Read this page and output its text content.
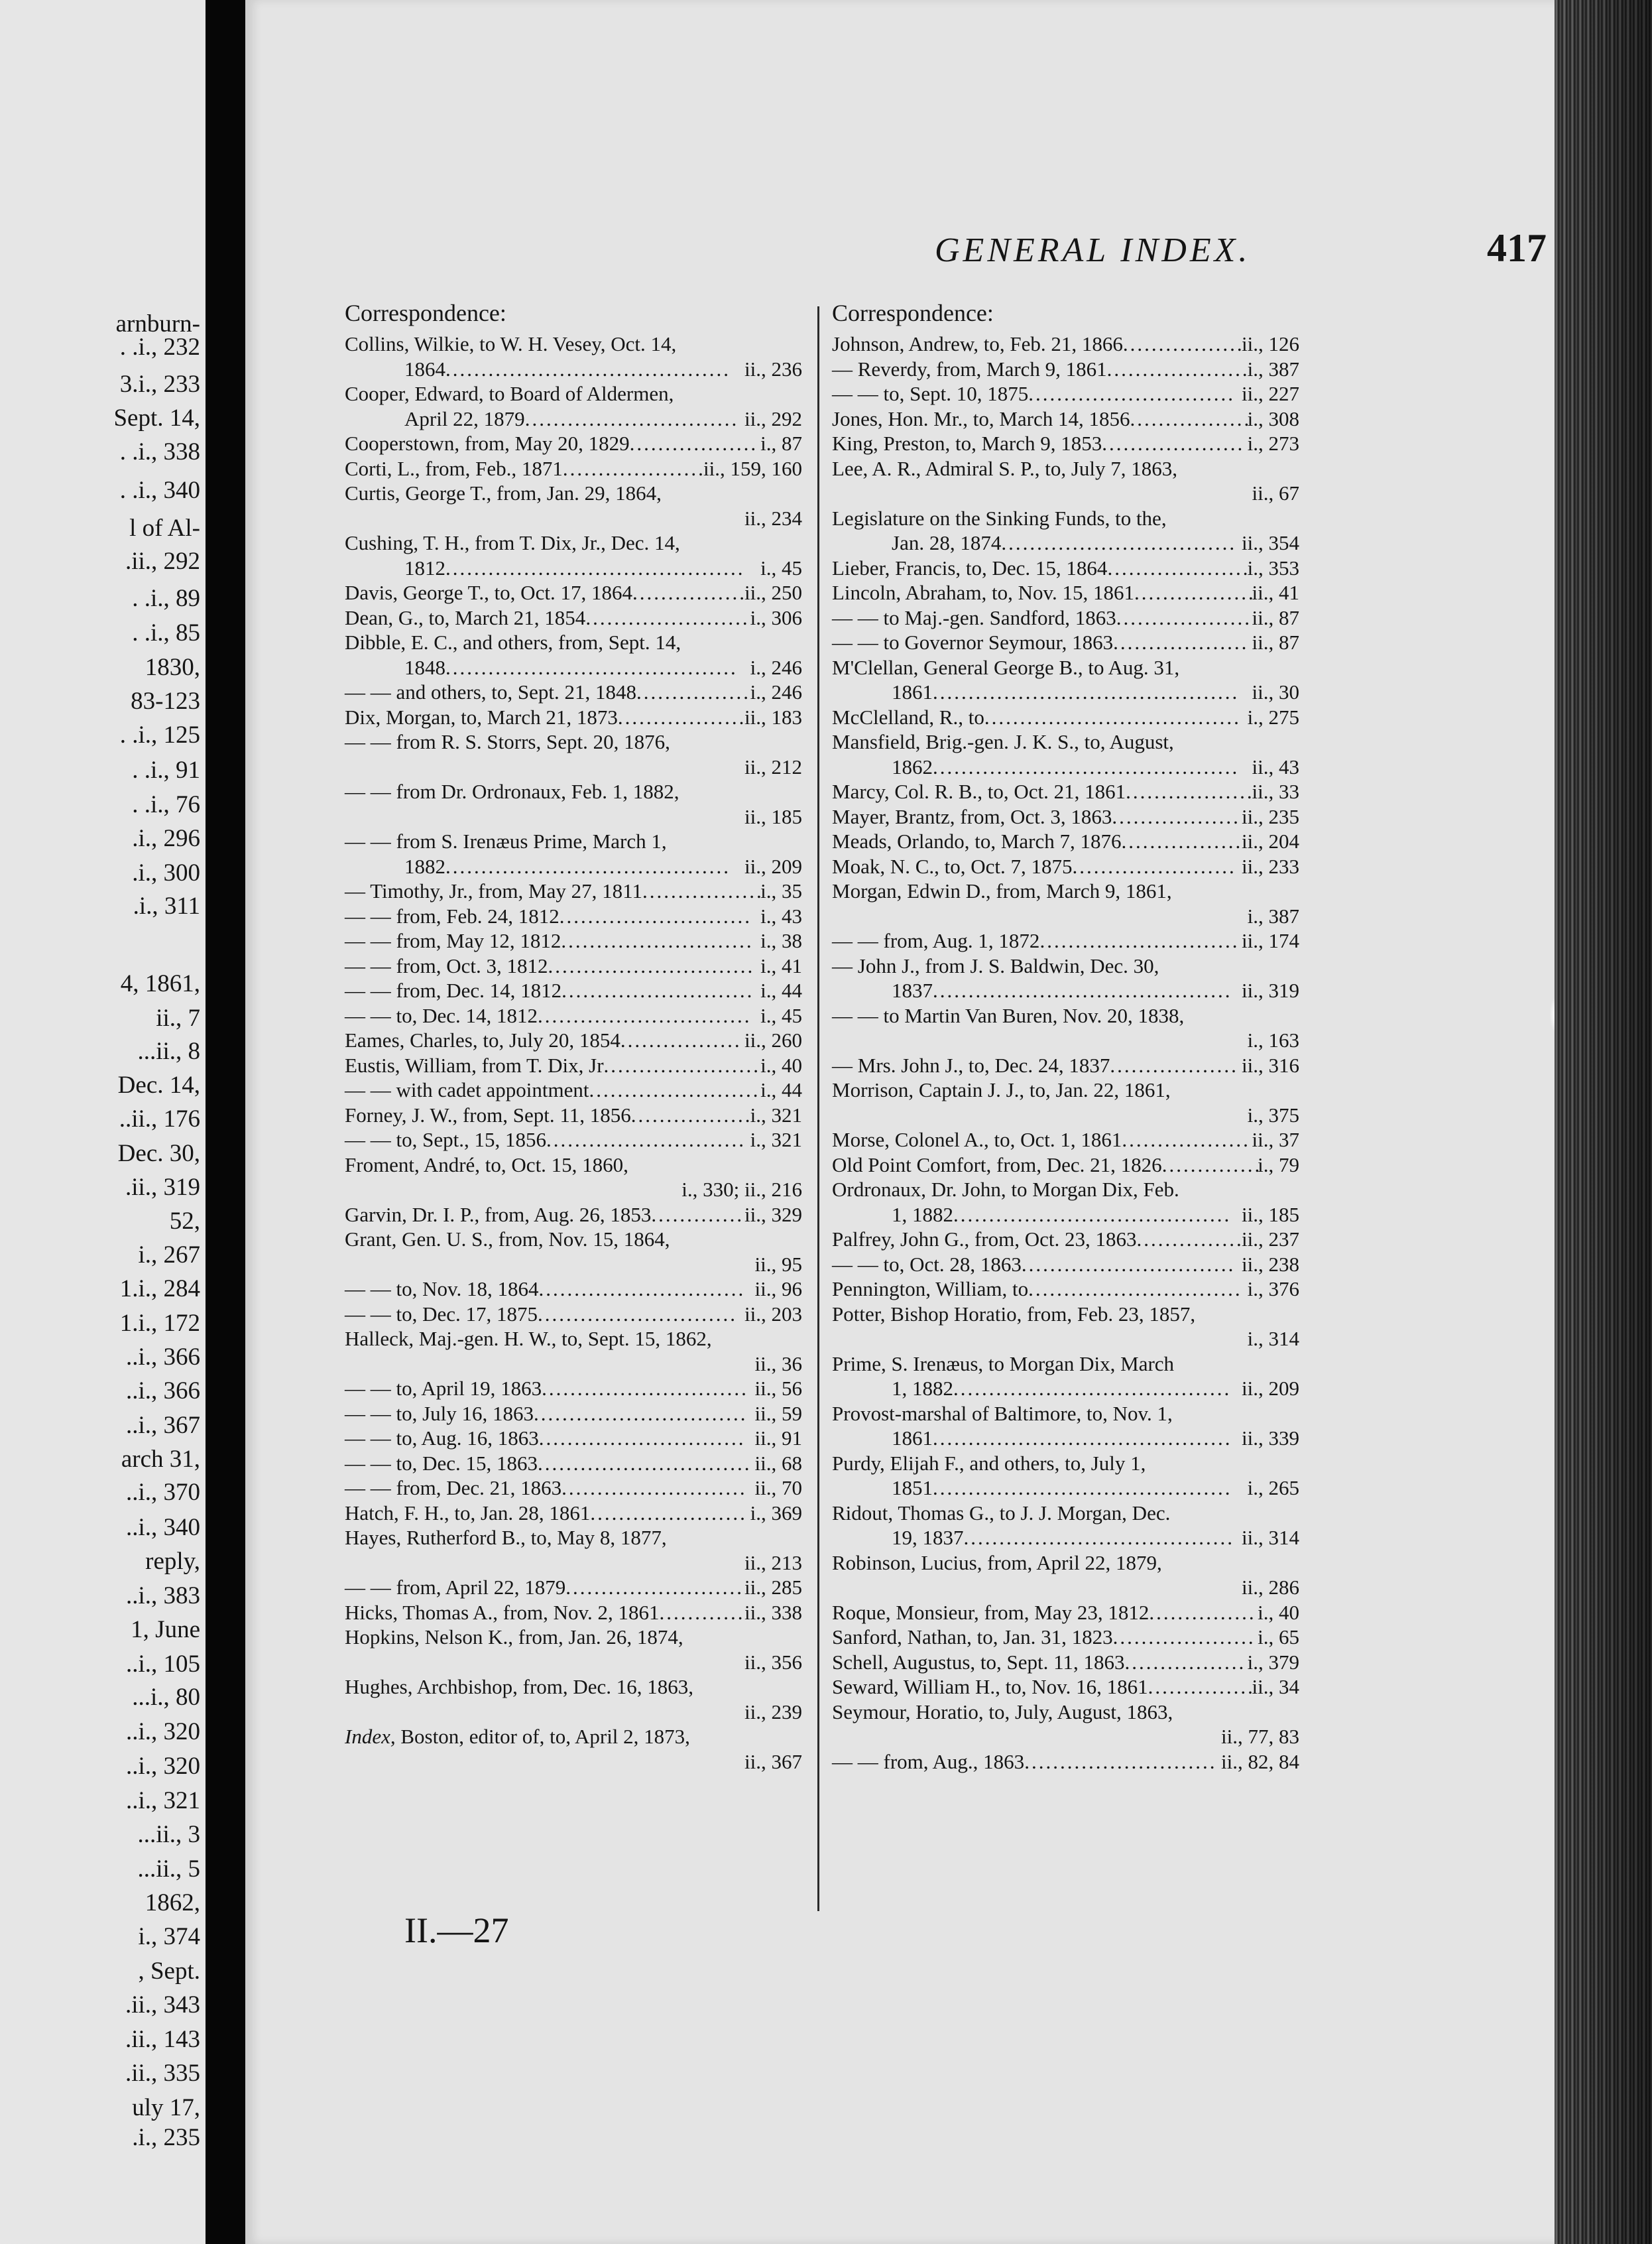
arnburn-
. .i., 232
3.i., 233
Sept. 14,
. .i., 338
. .i., 340
l of Al-
.ii., 292
. .i., 89
. .i., 85
1830,
83-123
. .i., 125
. .i., 91
. .i., 76
.i., 296
.i., 300
.i., 311
4, 1861,
ii., 7
...ii., 8
Dec. 14,
..ii., 176
Dec. 30,
.ii., 319
52,
i., 267
1.i., 284
1.i., 172
..i., 366
..i., 366
..i., 367
arch 31,
..i., 370
..i., 340
reply,
..i., 383
1, June
..i., 105
...i., 80
..i., 320
..i., 320
..i., 321
...ii., 3
...ii., 5
1862,
i., 374
, Sept.
.ii., 343
.ii., 143
.ii., 335
uly 17,
.i., 235
GENERAL INDEX.	417
Correspondence:
Collins, Wilkie, to W. H. Vesey, Oct. 14,
1864........................................ ii., 236
Cooper, Edward, to Board of Aldermen,
April 22, 1879.............................. ii., 292
Cooperstown, from, May 20, 1829.................. i., 87
Corti, L., from, Feb., 1871....................
ii., 159, 160
Curtis, George T., from, Jan. 29, 1864,
ii., 234
Cushing, T. H., from T. Dix, Jr., Dec. 14,
1812.......................................... i., 45
Davis, George T., to, Oct. 17, 1864................
ii., 250
Dean, G., to, March 21, 1854....................... i., 306
Dibble, E. C., and others, from, Sept. 14,
1848......................................... i., 246
— — and others, to, Sept. 21, 1848................ i., 246
Dix, Morgan, to, March 21, 1873..................
ii., 183
— — from R. S. Storrs, Sept. 20, 1876,
ii., 212
— — from Dr. Ordronaux, Feb. 1, 1882,
ii., 185
— — from S. Irenæus Prime, March 1,
1882........................................ ii., 209
— Timothy, Jr., from, May 27, 1811.................
i., 35
— — from, Feb. 24, 1812........................... i., 43
— — from, May 12, 1812........................... i., 38
— — from, Oct. 3, 1812............................. i., 41
— — from, Dec. 14, 1812........................... i., 44
— — to, Dec. 14, 1812.............................. i., 45
Eames, Charles, to, July 20, 1854................. ii., 260
Eustis, William, from T. Dix, Jr...................... i., 40
— — with cadet appointment........................ i., 44
Forney, J. W., from, Sept. 11, 1856.................
i., 321
— — to, Sept., 15, 1856............................ i., 321
Froment, André, to, Oct. 15, 1860,
i., 330; ii., 216
Garvin, Dr. I. P., from, Aug. 26, 1853............. ii., 329
Grant, Gen. U. S., from, Nov. 15, 1864,
ii., 95
— — to, Nov. 18, 1864............................. ii., 96
— — to, Dec. 17, 1875............................ ii., 203
Halleck, Maj.-gen. H. W., to, Sept. 15, 1862,
ii., 36
— — to, April 19, 1863............................. ii., 56
— — to, July 16, 1863.............................. ii., 59
— — to, Aug. 16, 1863............................. ii., 91
— — to, Dec. 15, 1863.............................. ii., 68
— — from, Dec. 21, 1863.......................... ii., 70
Hatch, F. H., to, Jan. 28, 1861...................... i., 369
Hayes, Rutherford B., to, May 8, 1877,
ii., 213
— — from, April 22, 1879......................... ii., 285
Hicks, Thomas A., from, Nov. 2, 1861............ ii., 338
Hopkins, Nelson K., from, Jan. 26, 1874,
ii., 356
Hughes, Archbishop, from, Dec. 16, 1863,
ii., 239
Index, Boston, editor of, to, April 2, 1873,
ii., 367
Correspondence:
Johnson, Andrew, to, Feb. 21, 1866.................
ii., 126
— Reverdy, from, March 9, 1861....................
i., 387
— — to, Sept. 10, 1875............................. ii., 227
Jones, Hon. Mr., to, March 14, 1856.................
i., 308
King, Preston, to, March 9, 1853.................... i., 273
Lee, A. R., Admiral S. P., to, July 7, 1863,
ii., 67
Legislature on the Sinking Funds, to the,
Jan. 28, 1874................................. ii., 354
Lieber, Francis, to, Dec. 15, 1864....................
i., 353
Lincoln, Abraham, to, Nov. 15, 1861.................
ii., 41
— — to Maj.-gen. Sandford, 1863................... ii., 87
— — to Governor Seymour, 1863................... ii., 87
M'Clellan, General George B., to Aug. 31,
1861........................................... ii., 30
McClelland, R., to.................................... i., 275
Mansfield, Brig.-gen. J. K. S., to, August,
1862........................................... ii., 43
Marcy, Col. R. B., to, Oct. 21, 1861..................
ii., 33
Mayer, Brantz, from, Oct. 3, 1863.................. ii., 235
Meads, Orlando, to, March 7, 1876.................
ii., 204
Moak, N. C., to, Oct. 7, 1875....................... ii., 233
Morgan, Edwin D., from, March 9, 1861,
i., 387
— — from, Aug. 1, 1872............................ ii., 174
— John J., from J. S. Baldwin, Dec. 30,
1837.......................................... ii., 319
— — to Martin Van Buren, Nov. 20, 1838,
i., 163
— Mrs. John J., to, Dec. 24, 1837.................. ii., 316
Morrison, Captain J. J., to, Jan. 22, 1861,
i., 375
Morse, Colonel A., to, Oct. 1, 1861.................. ii., 37
Old Point Comfort, from, Dec. 21, 1826..............
i., 79
Ordronaux, Dr. John, to Morgan Dix, Feb.
1, 1882....................................... ii., 185
Palfrey, John G., from, Oct. 23, 1863...............
ii., 237
— — to, Oct. 28, 1863.............................. ii., 238
Pennington, William, to.............................. i., 376
Potter, Bishop Horatio, from, Feb. 23, 1857,
i., 314
Prime, S. Irenæus, to Morgan Dix, March
1, 1882....................................... ii., 209
Provost-marshal of Baltimore, to, Nov. 1,
1861.......................................... ii., 339
Purdy, Elijah F., and others, to, July 1,
1851.......................................... i., 265
Ridout, Thomas G., to J. J. Morgan, Dec.
19, 1837...................................... ii., 314
Robinson, Lucius, from, April 22, 1879,
ii., 286
Roque, Monsieur, from, May 23, 1812............... i., 40
Sanford, Nathan, to, Jan. 31, 1823.................... i., 65
Schell, Augustus, to, Sept. 11, 1863................. i., 379
Seward, William H., to, Nov. 16, 1861...............
ii., 34
Seymour, Horatio, to, July, August, 1863,
ii., 77, 83
— — from, Aug., 1863........................... ii., 82, 84
II.—27
